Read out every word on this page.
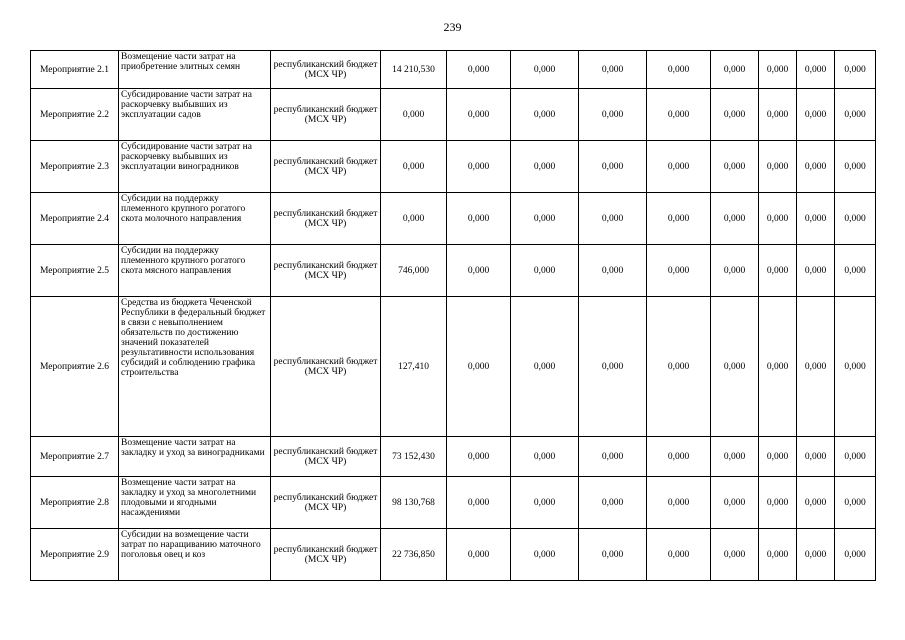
239
Мероприятие 2.1	Возмещение части затрат на приобретение элитных семян	республиканский бюджет (МСХ ЧР)	14 210,530	0,000	0,000	0,000	0,000	0,000	0,000	0,000	0,000
Мероприятие 2.2	Субсидирование части затрат на раскорчевку выбывших из эксплуатации садов	республиканский бюджет (МСХ ЧР)	0,000	0,000	0,000	0,000	0,000	0,000	0,000	0,000	0,000
Мероприятие 2.3	Субсидирование части затрат на раскорчевку выбывших из эксплуатации виноградников	республиканский бюджет (МСХ ЧР)	0,000	0,000	0,000	0,000	0,000	0,000	0,000	0,000	0,000
Мероприятие 2.4	Субсидии на поддержку племенного крупного рогатого скота молочного направления	республиканский бюджет (МСХ ЧР)	0,000	0,000	0,000	0,000	0,000	0,000	0,000	0,000	0,000
Мероприятие 2.5	Субсидии на поддержку племенного крупного рогатого скота мясного направления	республиканский бюджет (МСХ ЧР)	746,000	0,000	0,000	0,000	0,000	0,000	0,000	0,000	0,000
Мероприятие 2.6	Средства из бюджета Чеченской Республики в федеральный бюджет в связи с невыполнением обязательств по достижению значений показателей результативности использования субсидий и соблюдению графика строительства	республиканский бюджет (МСХ ЧР)	127,410	0,000	0,000	0,000	0,000	0,000	0,000	0,000	0,000
Мероприятие 2.7	Возмещение части затрат на закладку и уход за виноградниками	республиканский бюджет (МСХ ЧР)	73 152,430	0,000	0,000	0,000	0,000	0,000	0,000	0,000	0,000
Мероприятие 2.8	Возмещение части затрат на закладку и уход за многолетними плодовыми и ягодными насаждениями	республиканский бюджет (МСХ ЧР)	98 130,768	0,000	0,000	0,000	0,000	0,000	0,000	0,000	0,000
Мероприятие 2.9	Субсидии на возмещение части затрат по наращиванию маточного поголовья овец и коз	республиканский бюджет (МСХ ЧР)	22 736,850	0,000	0,000	0,000	0,000	0,000	0,000	0,000	0,000
